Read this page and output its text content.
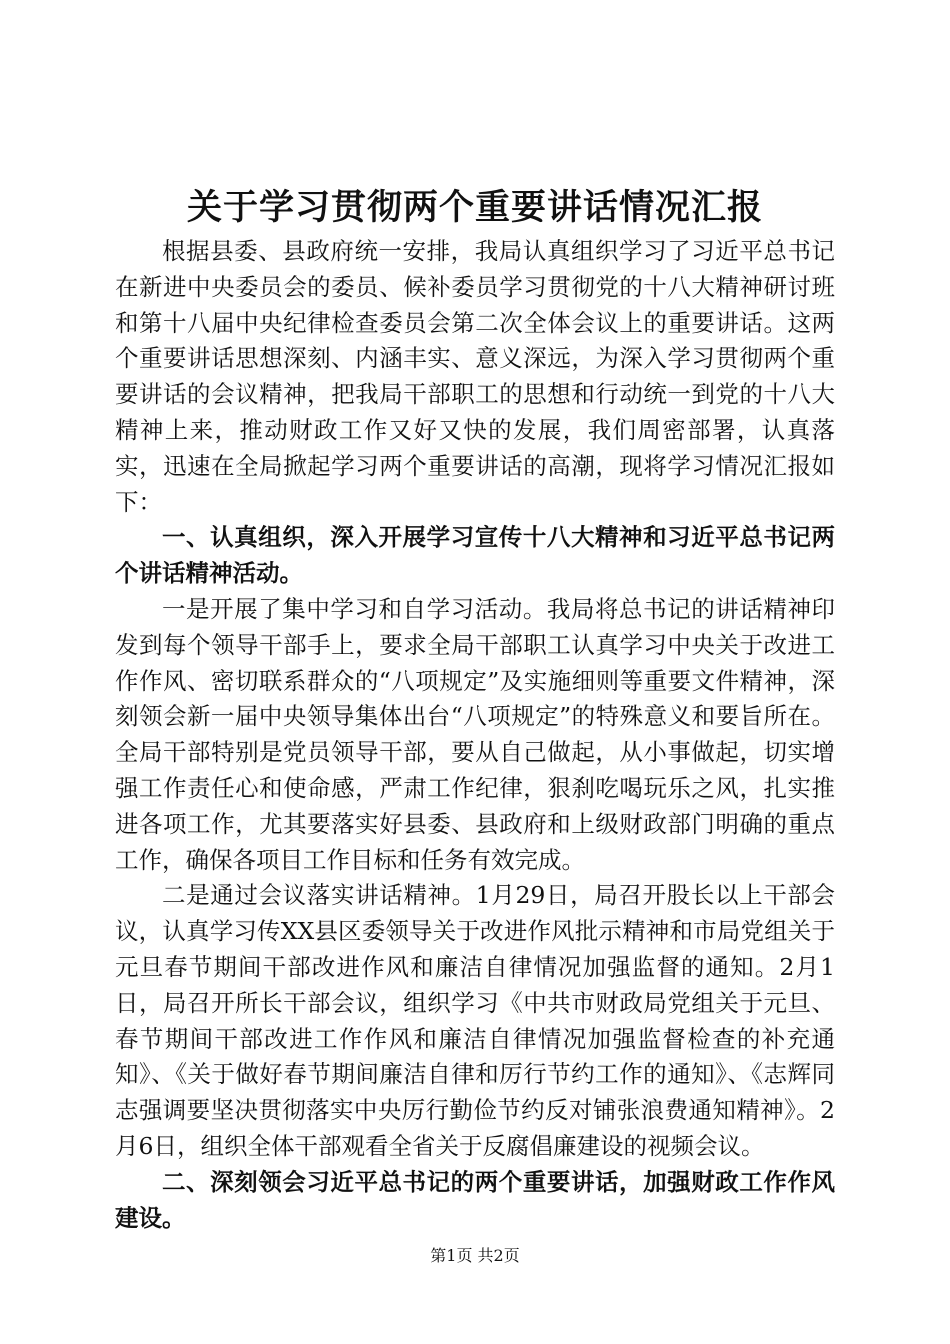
关于学习贯彻两个重要讲话情况汇报

根据县委、县政府统一安排，我局认真组织学习了习近平总书记在新进中央委员会的委员、候补委员学习贯彻党的十八大精神研讨班和第十八届中央纪律检查委员会第二次全体会议上的重要讲话。这两个重要讲话思想深刻、内涵丰实、意义深远，为深入学习贯彻两个重要讲话的会议精神，把我局干部职工的思想和行动统一到党的十八大精神上来，推动财政工作又好又快的发展，我们周密部署，认真落实，迅速在全局掀起学习两个重要讲话的高潮，现将学习情况汇报如下：

一、认真组织，深入开展学习宣传十八大精神和习近平总书记两个讲话精神活动。

一是开展了集中学习和自学习活动。我局将总书记的讲话精神印发到每个领导干部手上，要求全局干部职工认真学习中央关于改进工作作风、密切联系群众的“八项规定”及实施细则等重要文件精神，深刻领会新一届中央领导集体出台“八项规定”的特殊意义和要旨所在。全局干部特别是党员领导干部，要从自己做起，从小事做起，切实增强工作责任心和使命感，严肃工作纪律，狠刹吃喝玩乐之风，扎实推进各项工作，尤其要落实好县委、县政府和上级财政部门明确的重点工作，确保各项目工作目标和任务有效完成。

二是通过会议落实讲话精神。1月29日，局召开股长以上干部会议，认真学习传XX县区委领导关于改进作风批示精神和市局党组关于元旦春节期间干部改进作风和廉洁自律情况加强监督的通知。2月1日，局召开所长干部会议，组织学习《中共市财政局党组关于元旦、春节期间干部改进工作作风和廉洁自律情况加强监督检查的补充通知》、《关于做好春节期间廉洁自律和厉行节约工作的通知》、《志辉同志强调要坚决贯彻落实中央厉行勤俭节约反对铺张浪费通知精神》。2月6日，组织全体干部观看全省关于反腐倡廉建设的视频会议。

二、深刻领会习近平总书记的两个重要讲话，加强财政工作作风建设。

第1页 共2页
